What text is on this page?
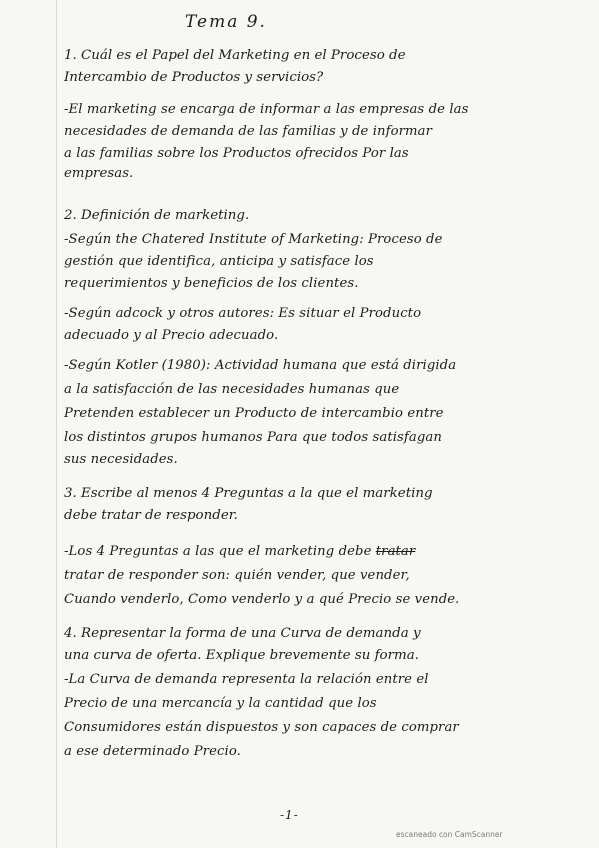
Tema 9.
1. Cuál es el Papel del Marketing en el Proceso de
Intercambio de Productos y servicios?
-El marketing se encarga de informar a las empresas de las
necesidades de demanda de las familias y de informar
a las familias sobre los Productos ofrecidos Por las
empresas.
2. Definición de marketing.
-Según the Chatered Institute of Marketing: Proceso de
gestión que identifica, anticipa y satisface los
requerimientos y beneficios de los clientes.
-Según adcock y otros autores: Es situar el Producto
adecuado y al Precio adecuado.
-Según Kotler (1980): Actividad humana que está dirigida
a la satisfacción de las necesidades humanas que
Pretenden establecer un Producto de intercambio entre
los distintos grupos humanos Para que todos satisfagan
sus necesidades.
3. Escribe al menos 4 Preguntas a la que el marketing
debe tratar de responder.
-Los 4 Preguntas a las que el marketing debe tratar
tratar de responder son: quién vender, que vender,
Cuando venderlo, Como venderlo y a qué Precio se vende.
4. Representar la forma de una Curva de demanda y
una curva de oferta. Explique brevemente su forma.
-La Curva de demanda representa la relación entre el
Precio de una mercancía y la cantidad que los
Consumidores están dispuestos y son capaces de comprar
a ese determinado Precio.
-1-
escaneado con CamScanner
